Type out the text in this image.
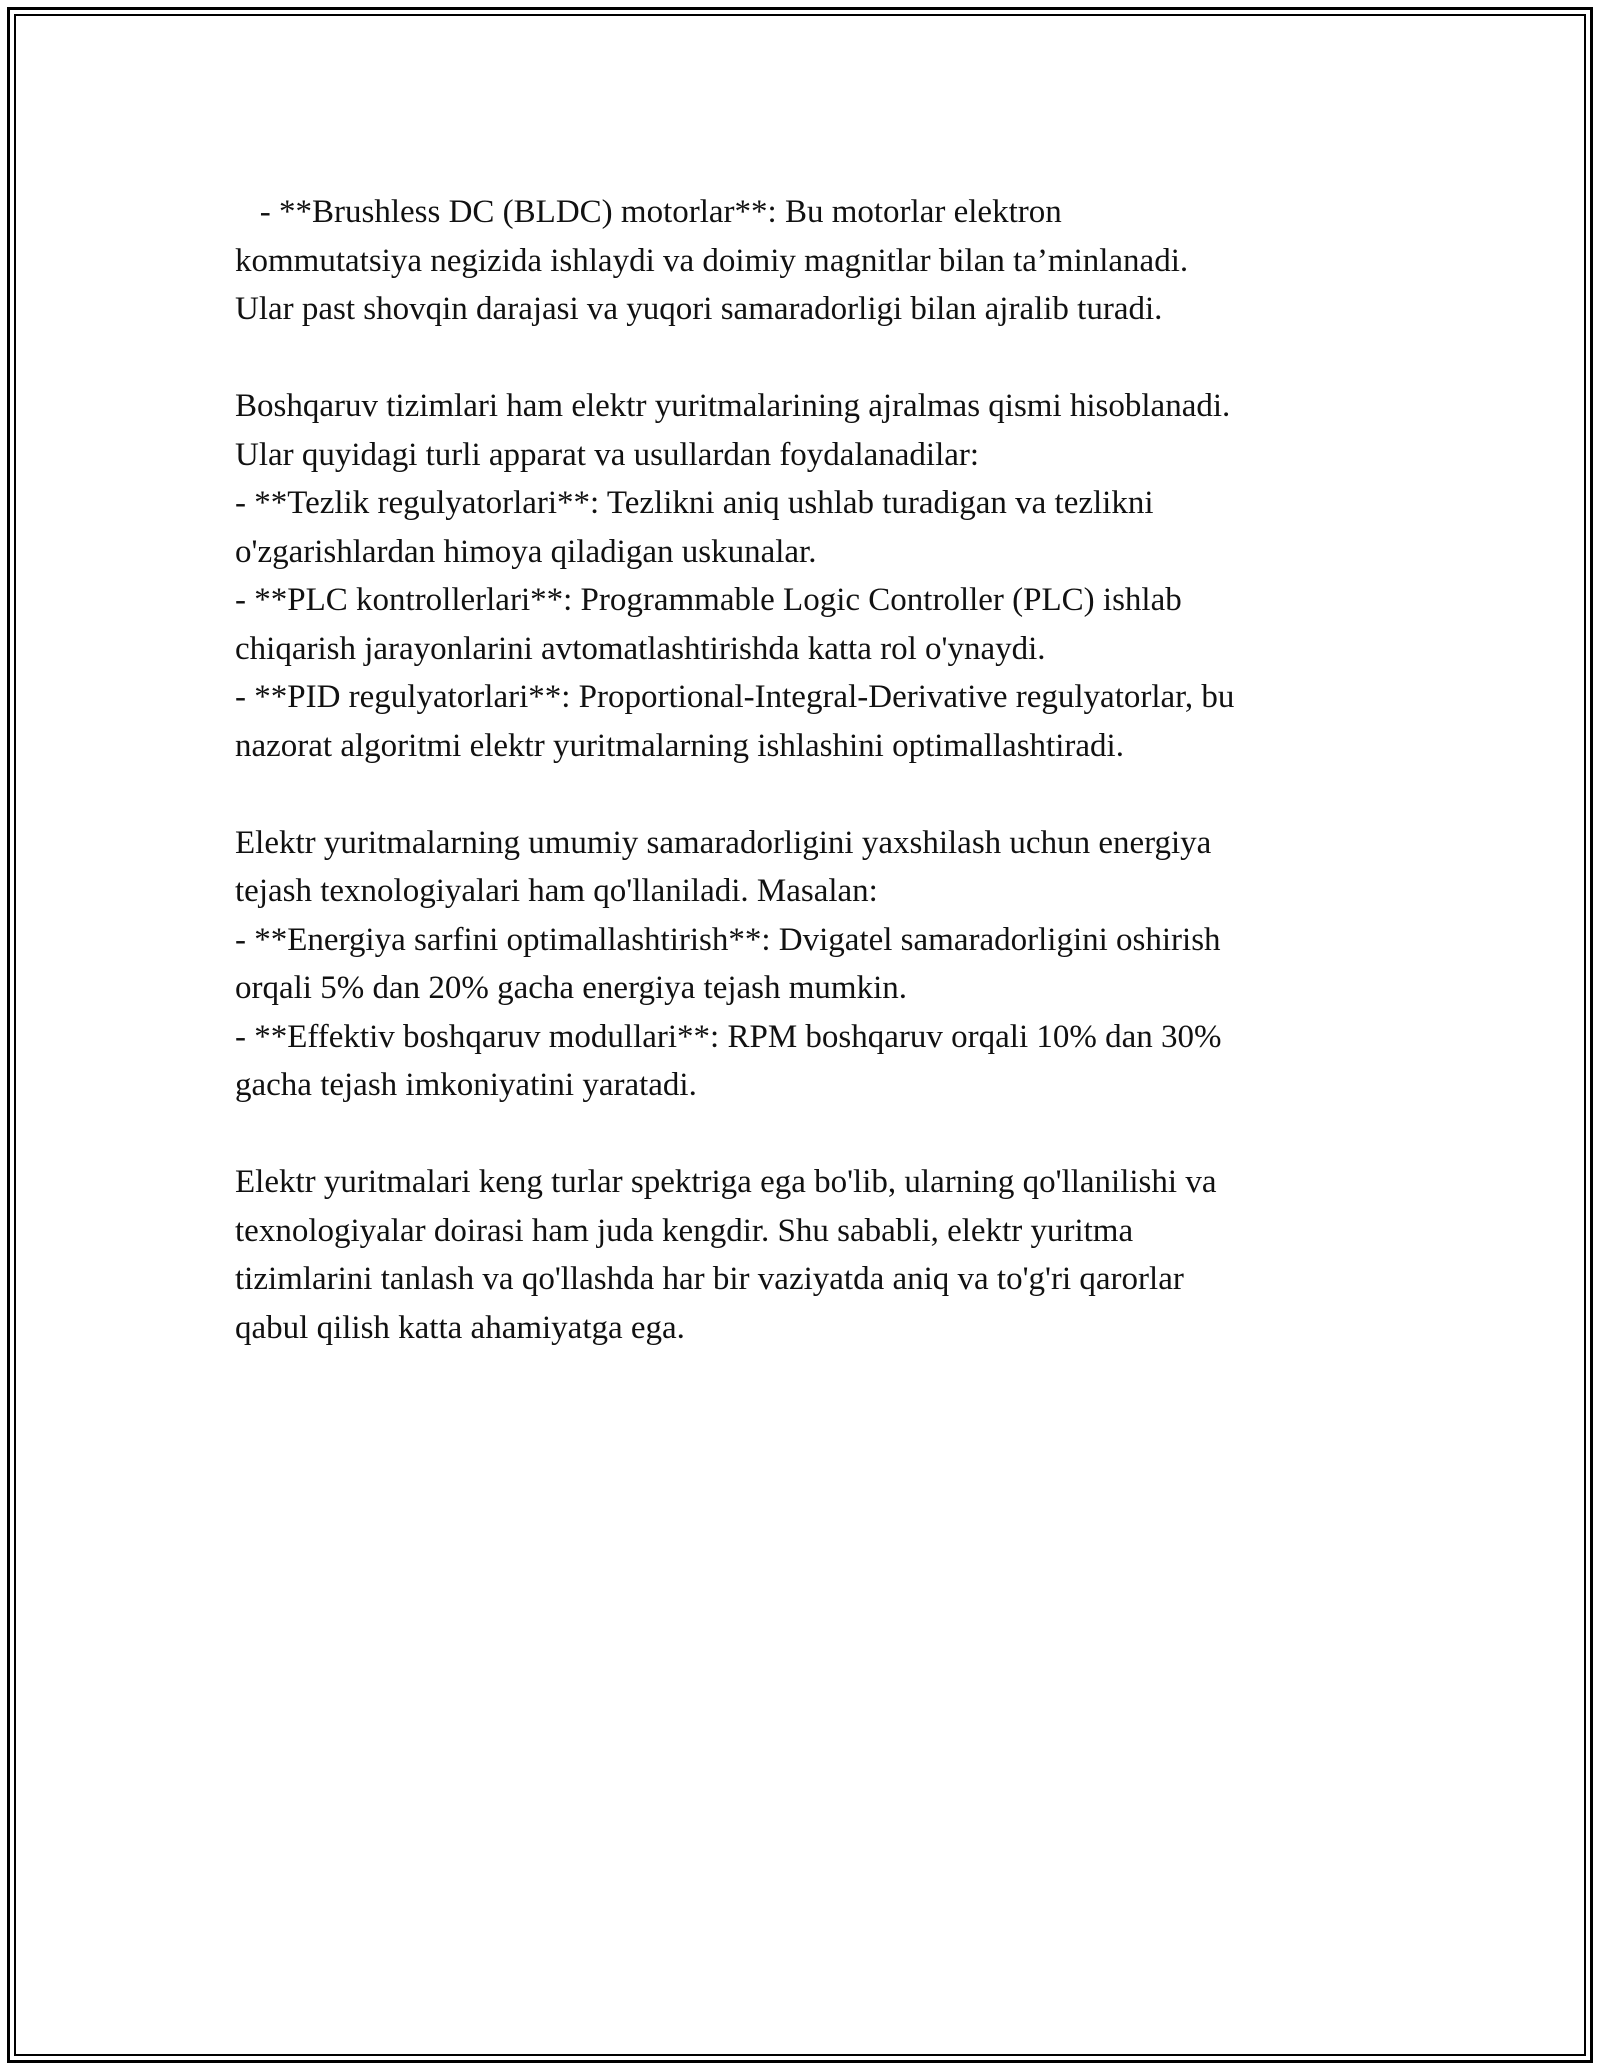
- **Brushless DC (BLDC) motorlar**: Bu motorlar elektron
kommutatsiya negizida ishlaydi va doimiy magnitlar bilan ta’minlanadi.
Ular past shovqin darajasi va yuqori samaradorligi bilan ajralib turadi.

Boshqaruv tizimlari ham elektr yuritmalarining ajralmas qismi hisoblanadi.
Ular quyidagi turli apparat va usullardan foydalanadilar:
- **Tezlik regulyatorlari**: Tezlikni aniq ushlab turadigan va tezlikni
o'zgarishlardan himoya qiladigan uskunalar.
- **PLC kontrollerlari**: Programmable Logic Controller (PLC) ishlab
chiqarish jarayonlarini avtomatlashtirishda katta rol o'ynaydi.
- **PID regulyatorlari**: Proportional-Integral-Derivative regulyatorlar, bu
nazorat algoritmi elektr yuritmalarning ishlashini optimallashtiradi.

Elektr yuritmalarning umumiy samaradorligini yaxshilash uchun energiya
tejash texnologiyalari ham qo'llaniladi. Masalan:
- **Energiya sarfini optimallashtirish**: Dvigatel samaradorligini oshirish
orqali 5% dan 20% gacha energiya tejash mumkin.
- **Effektiv boshqaruv modullari**: RPM boshqaruv orqali 10% dan 30%
gacha tejash imkoniyatini yaratadi.

Elektr yuritmalari keng turlar spektriga ega bo'lib, ularning qo'llanilishi va
texnologiyalar doirasi ham juda kengdir. Shu sababli, elektr yuritma
tizimlarini tanlash va qo'llashda har bir vaziyatda aniq va to'g'ri qarorlar
qabul qilish katta ahamiyatga ega.
